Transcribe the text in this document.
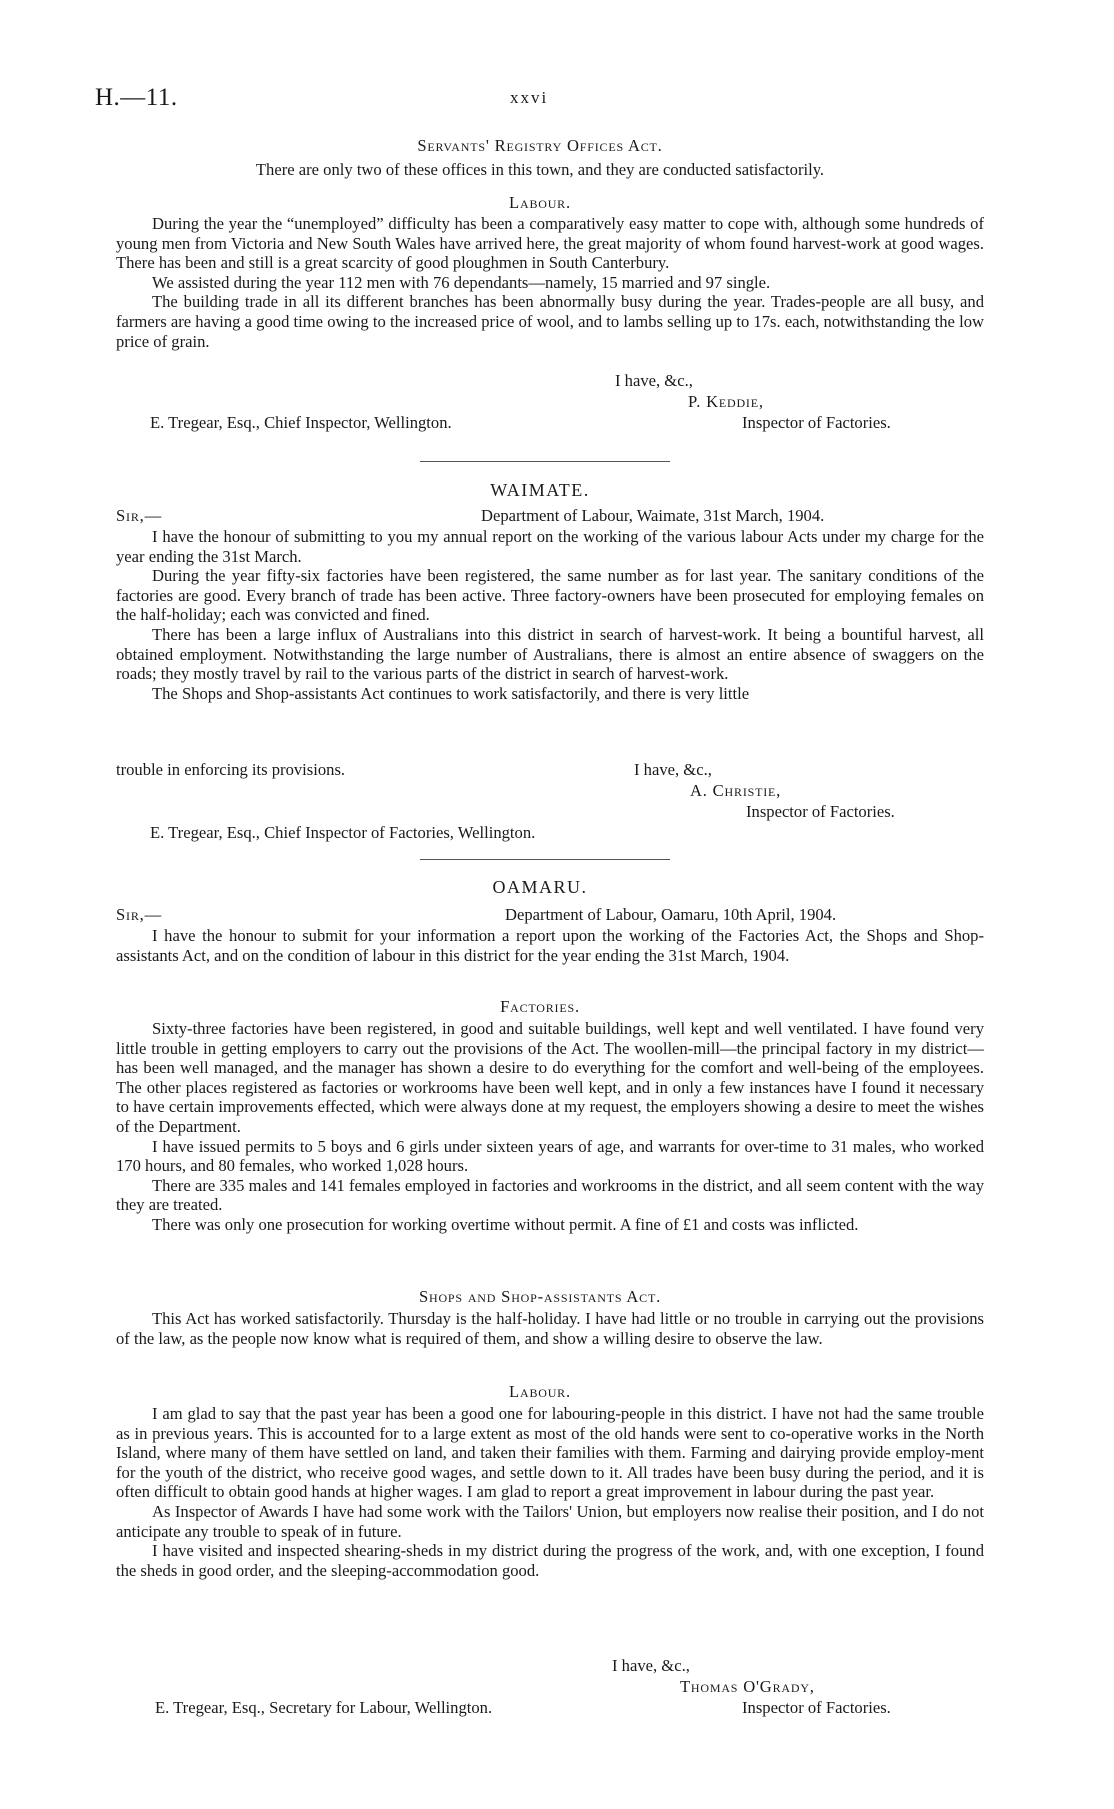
H.—11.	xxvi
Servants' Registry Offices Act.
There are only two of these offices in this town, and they are conducted satisfactorily.
Labour.

During the year the “unemployed” difficulty has been a comparatively easy matter to cope with, although some hundreds of young men from Victoria and New South Wales have arrived here, the great majority of whom found harvest-work at good wages. There has been and still is a great scarcity of good ploughmen in South Canterbury.

We assisted during the year 112 men with 76 dependants—namely, 15 married and 97 single.

The building trade in all its different branches has been abnormally busy during the year. Trades-people are all busy, and farmers are having a good time owing to the increased price of wool, and to lambs selling up to 17s. each, notwithstanding the low price of grain.

I have, &c.,
P. Keddie,
E. Tregear, Esq., Chief Inspector, Wellington.	Inspector of Factories.
WAIMATE.
Sir,—	Department of Labour, Waimate, 31st March, 1904.

I have the honour of submitting to you my annual report on the working of the various labour Acts under my charge for the year ending the 31st March.

During the year fifty-six factories have been registered, the same number as for last year. The sanitary conditions of the factories are good. Every branch of trade has been active. Three factory-owners have been prosecuted for employing females on the half-holiday; each was convicted and fined.

There has been a large influx of Australians into this district in search of harvest-work. It being a bountiful harvest, all obtained employment. Notwithstanding the large number of Australians, there is almost an entire absence of swaggers on the roads; they mostly travel by rail to the various parts of the district in search of harvest-work.

The Shops and Shop-assistants Act continues to work satisfactorily, and there is very little

trouble in enforcing its provisions.	I have, &c.,
A. Christie,
Inspector of Factories.
E. Tregear, Esq., Chief Inspector of Factories, Wellington.
OAMARU.
Sir,—	Department of Labour, Oamaru, 10th April, 1904.

I have the honour to submit for your information a report upon the working of the Factories Act, the Shops and Shop-assistants Act, and on the condition of labour in this district for the year ending the 31st March, 1904.

Factories.

Sixty-three factories have been registered, in good and suitable buildings, well kept and well ventilated. I have found very little trouble in getting employers to carry out the provisions of the Act. The woollen-mill—the principal factory in my district—has been well managed, and the manager has shown a desire to do everything for the comfort and well-being of the employees. The other places registered as factories or workrooms have been well kept, and in only a few instances have I found it necessary to have certain improvements effected, which were always done at my request, the employers showing a desire to meet the wishes of the Department.

I have issued permits to 5 boys and 6 girls under sixteen years of age, and warrants for over-time to 31 males, who worked 170 hours, and 80 females, who worked 1,028 hours.

There are 335 males and 141 females employed in factories and workrooms in the district, and all seem content with the way they are treated.

There was only one prosecution for working overtime without permit. A fine of £1 and costs was inflicted.

Shops and Shop-assistants Act.

This Act has worked satisfactorily. Thursday is the half-holiday. I have had little or no trouble in carrying out the provisions of the law, as the people now know what is required of them, and show a willing desire to observe the law.

Labour.

I am glad to say that the past year has been a good one for labouring-people in this district. I have not had the same trouble as in previous years. This is accounted for to a large extent as most of the old hands were sent to co-operative works in the North Island, where many of them have settled on land, and taken their families with them. Farming and dairying provide employ-ment for the youth of the district, who receive good wages, and settle down to it. All trades have been busy during the period, and it is often difficult to obtain good hands at higher wages. I am glad to report a great improvement in labour during the past year.

As Inspector of Awards I have had some work with the Tailors' Union, but employers now realise their position, and I do not anticipate any trouble to speak of in future.

I have visited and inspected shearing-sheds in my district during the progress of the work, and, with one exception, I found the sheds in good order, and the sleeping-accommodation good.

I have, &c.,
Thomas O'Grady,
E. Tregear, Esq., Secretary for Labour, Wellington.	Inspector of Factories.
